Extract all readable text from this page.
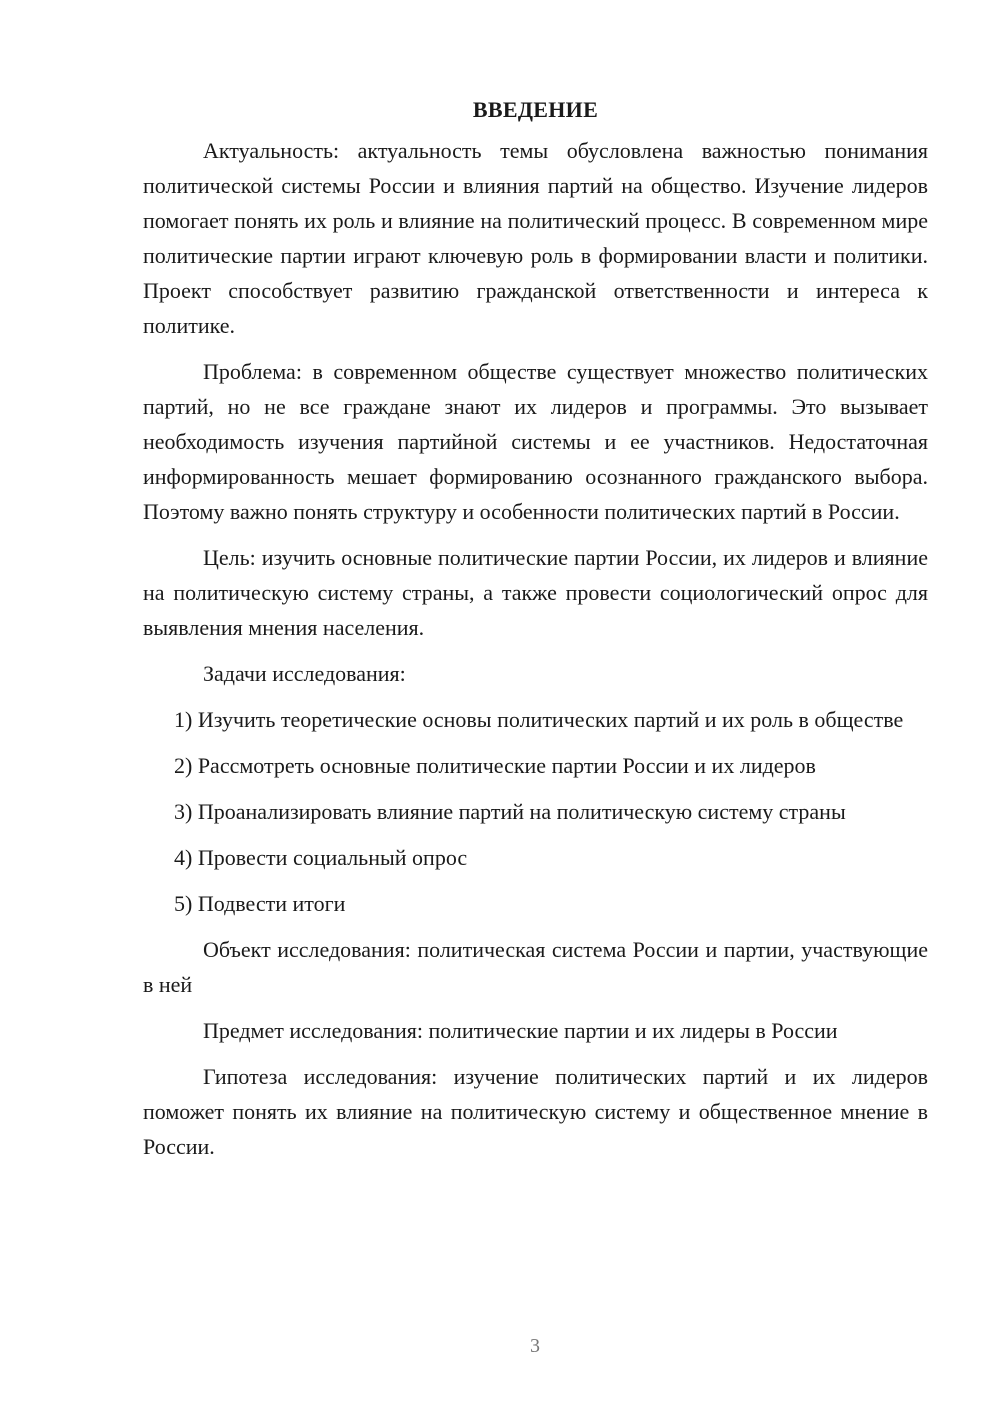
ВВЕДЕНИЕ

Актуальность: актуальность темы обусловлена важностью понимания политической системы России и влияния партий на общество. Изучение лидеров помогает понять их роль и влияние на политический процесс. В современном мире политические партии играют ключевую роль в формировании власти и политики. Проект способствует развитию гражданской ответственности и интереса к политике.

Проблема: в современном обществе существует множество политических партий, но не все граждане знают их лидеров и программы. Это вызывает необходимость изучения партийной системы и ее участников. Недостаточная информированность мешает формированию осознанного гражданского выбора. Поэтому важно понять структуру и особенности политических партий в России.

Цель: изучить основные политические партии России, их лидеров и влияние на политическую систему страны, а также провести социологический опрос для выявления мнения населения.

Задачи исследования:

1) Изучить теоретические основы политических партий и их роль в обществе

2) Рассмотреть основные политические партии России и их лидеров

3) Проанализировать влияние партий на политическую систему страны

4) Провести социальный опрос

5) Подвести итоги

Объект исследования: политическая система России и партии, участвующие в ней

Предмет исследования: политические партии и их лидеры в России

Гипотеза исследования: изучение политических партий и их лидеров поможет понять их влияние на политическую систему и общественное мнение в России.

3
